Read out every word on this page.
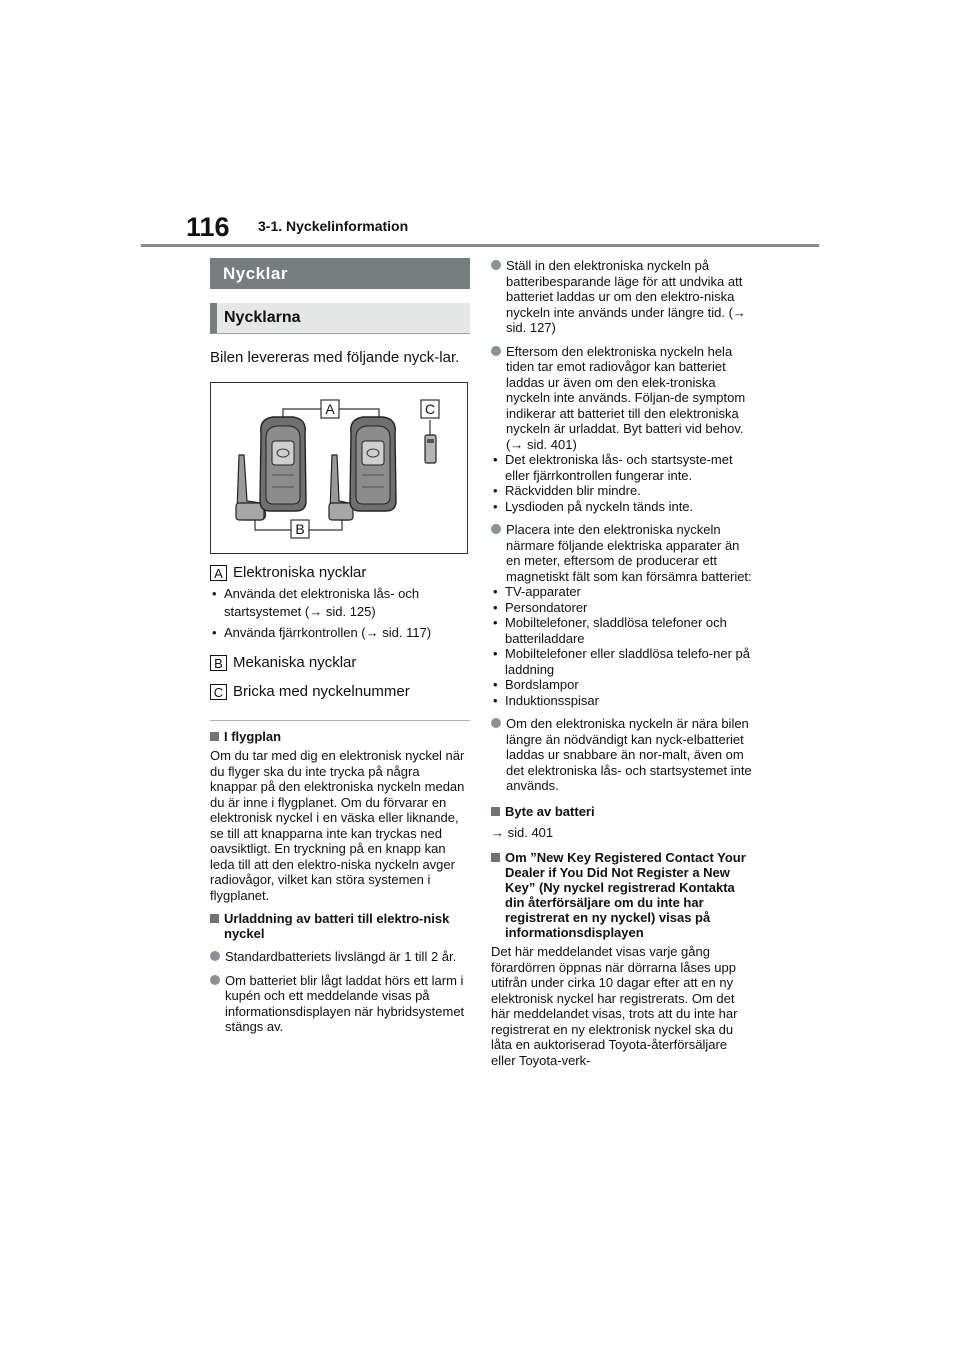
116 3-1. Nyckelinformation
Nycklar
Nycklarna
Bilen levereras med följande nyck-lar.
A	C
B
A Elektroniska nycklar
• Använda det elektroniska lås- och startsystemet (→ sid. 125)
• Använda fjärrkontrollen (→ sid. 117)
B Mekaniska nycklar
C Bricka med nyckelnummer
I flygplan
Om du tar med dig en elektronisk nyckel när du flyger ska du inte trycka på några knappar på den elektroniska nyckeln medan du är inne i flygplanet. Om du förvarar en elektronisk nyckel i en väska eller liknande, se till att knapparna inte kan tryckas ned oavsiktligt. En tryckning på en knapp kan leda till att den elektro-niska nyckeln avger radiovågor, vilket kan störa systemen i flygplanet.
Urladdning av batteri till elektro-nisk nyckel
Standardbatteriets livslängd är 1 till 2 år.
Om batteriet blir lågt laddat hörs ett larm i kupén och ett meddelande visas på informationsdisplayen när hybridsystemet stängs av.
Ställ in den elektroniska nyckeln på batteribesparande läge för att undvika att batteriet laddas ur om den elektro-niska nyckeln inte används under längre tid. (→ sid. 127)
Eftersom den elektroniska nyckeln hela tiden tar emot radiovågor kan batteriet laddas ur även om den elek-troniska nyckeln inte används. Följan-de symptom indikerar att batteriet till den elektroniska nyckeln är urladdat. Byt batteri vid behov. (→ sid. 401)
• Det elektroniska lås- och startsyste-met eller fjärrkontrollen fungerar inte.
• Räckvidden blir mindre.
• Lysdioden på nyckeln tänds inte.
Placera inte den elektroniska nyckeln närmare följande elektriska apparater än en meter, eftersom de producerar ett magnetiskt fält som kan försämra batteriet:
• TV-apparater
• Persondatorer
• Mobiltelefoner, sladdlösa telefoner och batteriladdare
• Mobiltelefoner eller sladdlösa telefo-ner på laddning
• Bordslampor
• Induktionsspisar
Om den elektroniska nyckeln är nära bilen längre än nödvändigt kan nyck-elbatteriet laddas ur snabbare än nor-malt, även om det elektroniska lås- och startsystemet inte används.
Byte av batteri
→ sid. 401
Om ”New Key Registered Contact Your Dealer if You Did Not Register a New Key” (Ny nyckel registrerad Kontakta din återförsäljare om du inte har registrerat en ny nyckel) visas på informationsdisplayen
Det här meddelandet visas varje gång förardörren öppnas när dörrarna låses upp utifrån under cirka 10 dagar efter att en ny elektronisk nyckel har registrerats. Om det här meddelandet visas, trots att du inte har registrerat en ny elektronisk nyckel ska du låta en auktoriserad Toyota-återförsäljare eller Toyota-verk-
